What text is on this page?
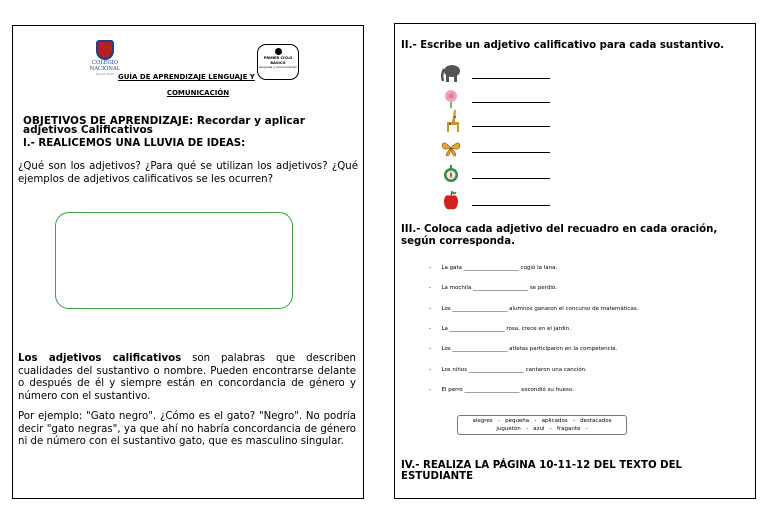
COLEGIO NACIONAL
Desde 1923
PRIMER CICLO BÁSICO
Lenguaje y Comunicación
GUÍA DE APRENDIZAJE LENGUAJE Y
COMUNICACIÓN
OBJETIVOS DE APRENDIZAJE: Recordar y aplicar adjetivos Calificativos
I.- REALICEMOS UNA LLUVIA DE IDEAS:
¿Qué son los adjetivos? ¿Para qué se utilizan los adjetivos? ¿Qué ejemplos de adjetivos calificativos se les ocurren?
Los adjetivos calificativos son palabras que describen cualidades del sustantivo o nombre. Pueden encontrarse delante o después de él y siempre están en concordancia de género y número con el sustantivo.
Por ejemplo: "Gato negro". ¿Cómo es el gato? "Negro". No podría decir "gato negras", ya que ahí no habría concordancia de género ni de número con el sustantivo gato, que es masculino singular.
II.- Escribe un adjetivo calificativo para cada sustantivo.
III.- Coloca cada adjetivo del recuadro en cada oración, según corresponda.
-      La gata ____________________ cogió la lana.
-      La mochila ____________________ se perdió.
-      Los ____________________ alumnos ganaron el concurso de matemáticas.
-      La ____________________ rosa, crece en el jardín.
-      Los ____________________ atletas participaron en la competencia.
-      Los niños ____________________ cantaron una canción.
-      El perro ____________________ escondió su hueso.
alegres   -   pequeña   -   aplicados   -   destacados
juguetón   -   azul   -   fragante   -
IV.- REALIZA LA PÁGINA 10-11-12 DEL TEXTO DEL ESTUDIANTE
